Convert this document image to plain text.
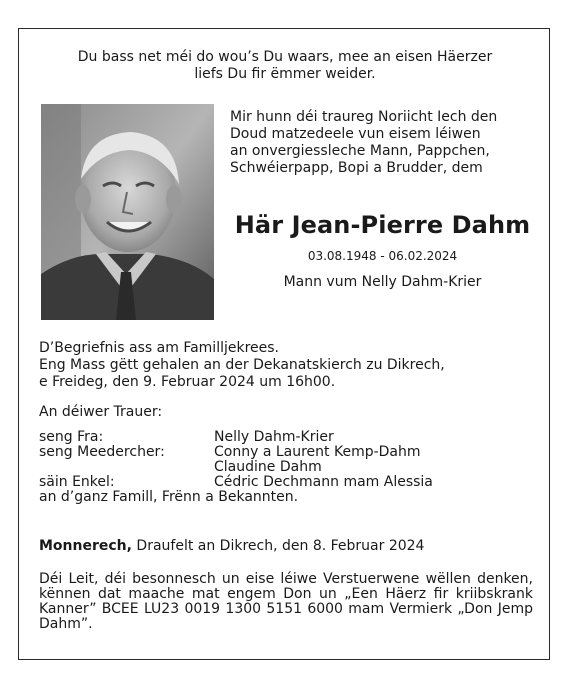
Du bass net méi do wou’s Du waars, mee an eisen Häerzer
liefs Du fir ëmmer weider.
Mir hunn déi traureg Noriicht Iech den
Doud matzedeele vun eisem léiwen
an onvergiessleche Mann, Pappchen,
Schwéierpapp, Bopi a Brudder, dem
Här Jean-Pierre Dahm
03.08.1948 - 06.02.2024
Mann vum Nelly Dahm-Krier
D’Begriefnis ass am Familljekrees.
Eng Mass gëtt gehalen an der Dekanatskierch zu Dikrech,
e Freideg, den 9. Februar 2024 um 16h00.
An déiwer Trauer:
seng Fra:	Nelly Dahm-Krier
seng Meedercher:	Conny a Laurent Kemp-Dahm
Claudine Dahm
säin Enkel:	Cédric Dechmann mam Alessia
an d’ganz Famill, Frënn a Bekannten.
Monnerech, Draufelt an Dikrech, den 8. Februar 2024
Déi Leit, déi besonnesch un eise léiwe Verstuerwene wëllen denken, kënnen dat maache mat engem Don un „Een Häerz fir kriibskrank Kanner” BCEE LU23 0019 1300 5151 6000 mam Vermierk „Don Jemp Dahm”.
